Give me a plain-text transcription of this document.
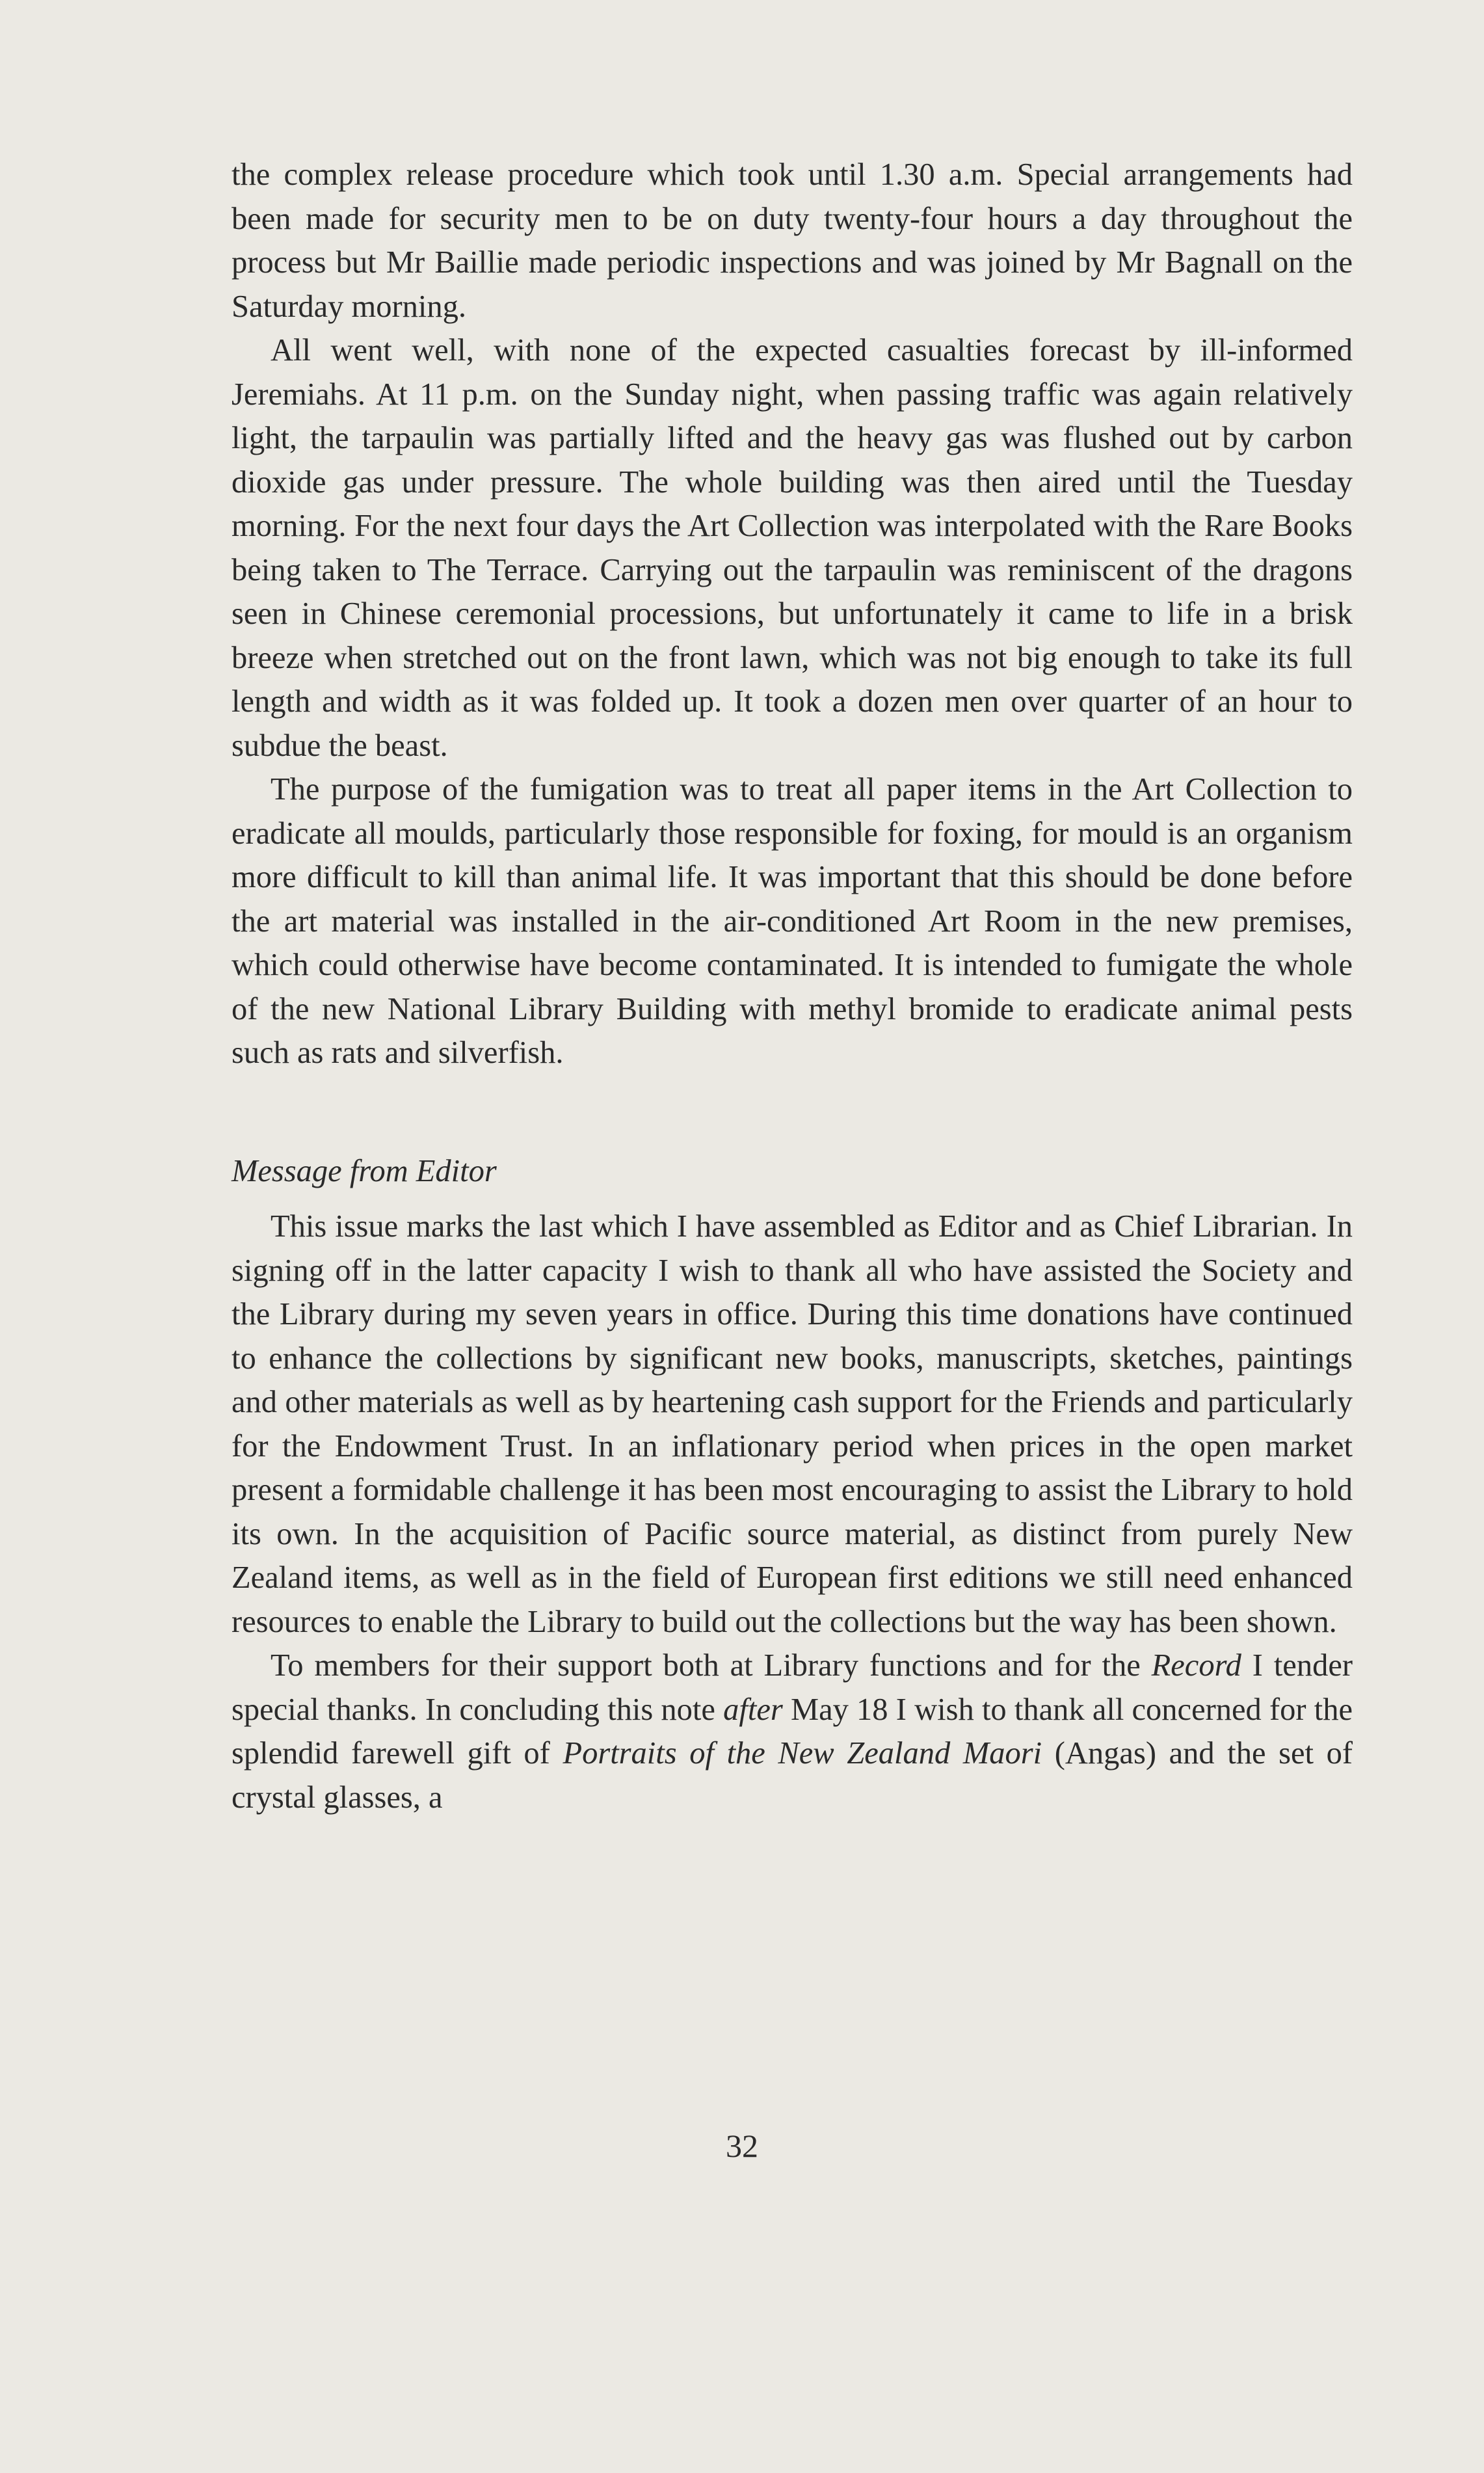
the complex release procedure which took until 1.30 a.m. Special arrangements had been made for security men to be on duty twenty-four hours a day throughout the process but Mr Baillie made periodic inspections and was joined by Mr Bagnall on the Saturday morning.

All went well, with none of the expected casualties forecast by ill-informed Jeremiahs. At 11 p.m. on the Sunday night, when passing traffic was again relatively light, the tarpaulin was partially lifted and the heavy gas was flushed out by carbon dioxide gas under pressure. The whole building was then aired until the Tuesday morning. For the next four days the Art Collection was interpolated with the Rare Books being taken to The Terrace. Carrying out the tarpaulin was reminiscent of the dragons seen in Chinese ceremonial processions, but unfortunately it came to life in a brisk breeze when stretched out on the front lawn, which was not big enough to take its full length and width as it was folded up. It took a dozen men over quarter of an hour to subdue the beast.

The purpose of the fumigation was to treat all paper items in the Art Collection to eradicate all moulds, particularly those responsible for foxing, for mould is an organism more difficult to kill than animal life. It was important that this should be done before the art material was installed in the air-conditioned Art Room in the new premises, which could otherwise have become contaminated. It is intended to fumigate the whole of the new National Library Building with methyl bromide to eradicate animal pests such as rats and silverfish.

Message from Editor

This issue marks the last which I have assembled as Editor and as Chief Librarian. In signing off in the latter capacity I wish to thank all who have assisted the Society and the Library during my seven years in office. During this time donations have continued to enhance the collections by significant new books, manuscripts, sketches, paintings and other materials as well as by heartening cash support for the Friends and particularly for the Endowment Trust. In an inflationary period when prices in the open market present a formidable challenge it has been most encouraging to assist the Library to hold its own. In the acquisition of Pacific source material, as distinct from purely New Zealand items, as well as in the field of European first editions we still need enhanced resources to enable the Library to build out the collections but the way has been shown.

To members for their support both at Library functions and for the Record I tender special thanks. In concluding this note after May 18 I wish to thank all concerned for the splendid farewell gift of Portraits of the New Zealand Maori (Angas) and the set of crystal glasses, a

32
